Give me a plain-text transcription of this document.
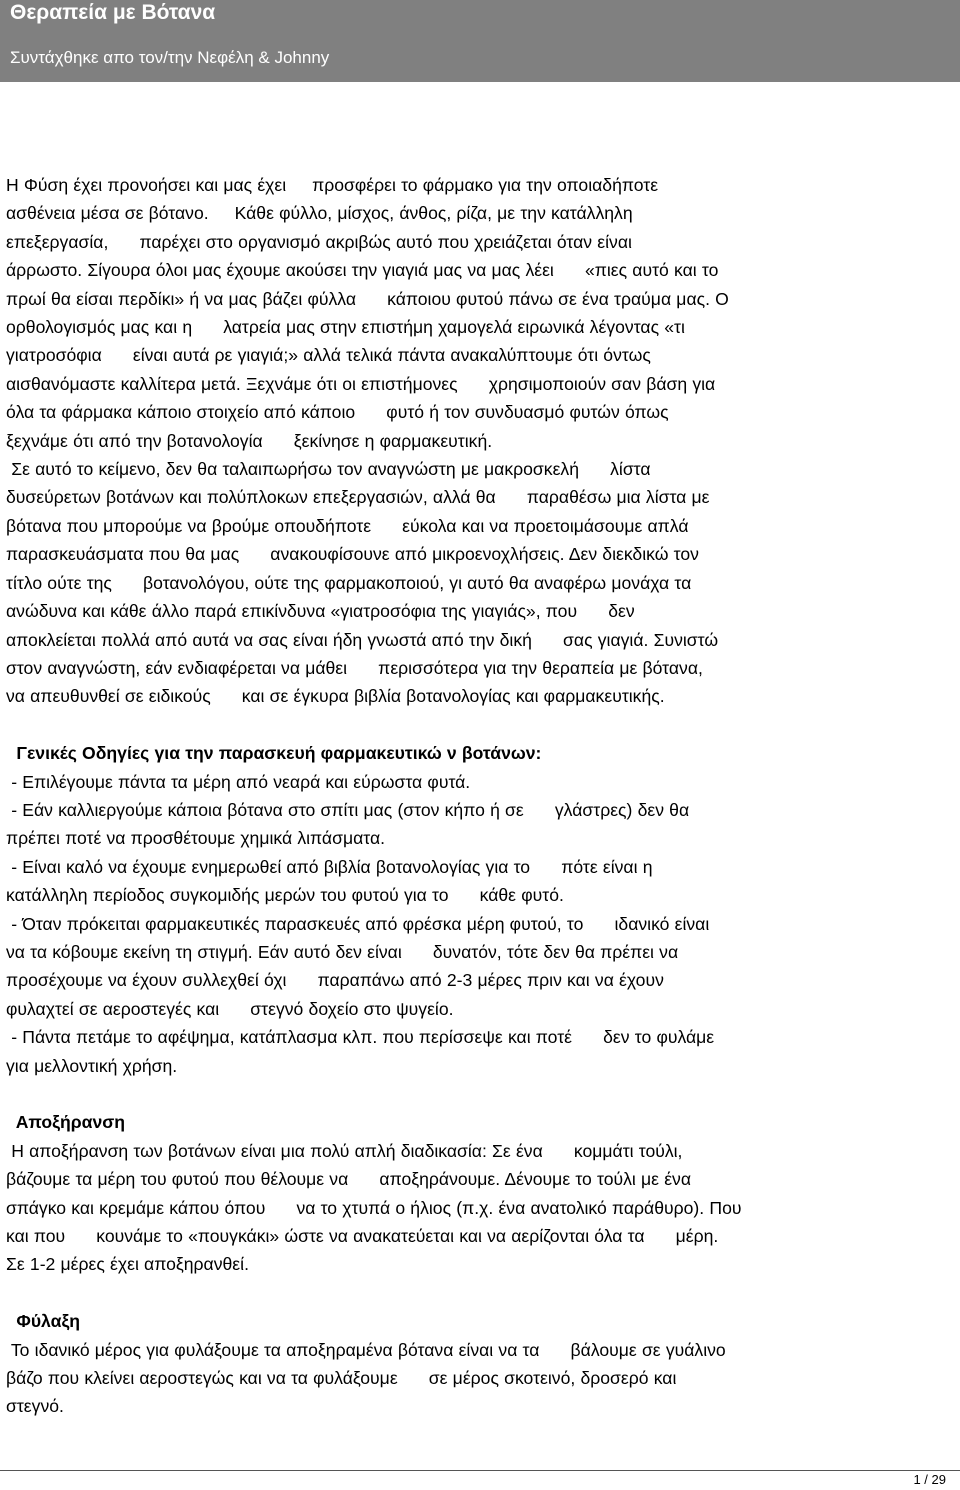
Θεραπεία με Βότανα
Συντάχθηκε απο τον/την Νεφέλη & Johnny

Η Φύση έχει προνοήσει και μας έχει     προσφέρει το φάρμακο για την οποιαδήποτε

ασθένεια μέσα σε βότανο.     Κάθε φύλλο, μίσχος, άνθος, ρίζα, με την κατάλληλη

επεξεργασία,      παρέχει στο οργανισμό ακριβώς αυτό που χρειάζεται όταν είναι

άρρωστο. Σίγουρα όλοι μας έχουμε ακούσει την γιαγιά μας να μας λέει      «πιες αυτό και το

πρωί θα είσαι περδίκι» ή να μας βάζει φύλλα      κάποιου φυτού πάνω σε ένα τραύμα μας. Ο

ορθολογισμός μας και η      λατρεία μας στην επιστήμη χαμογελά ειρωνικά λέγοντας «τι

γιατροσόφια      είναι αυτά ρε γιαγιά;» αλλά τελικά πάντα ανακαλύπτουμε ότι όντως

αισθανόμαστε καλλίτερα μετά. Ξεχνάμε ότι οι επιστήμονες      χρησιμοποιούν σαν βάση για

όλα τα φάρμακα κάποιο στοιχείο από κάποιο      φυτό ή τον συνδυασμό φυτών όπως

ξεχνάμε ότι από την βοτανολογία      ξεκίνησε η φαρμακευτική.

Σε αυτό το κείμενο, δεν θα ταλαιπωρήσω τον αναγνώστη με μακροσκελή      λίστα

δυσεύρετων βοτάνων και πολύπλοκων επεξεργασιών, αλλά θα      παραθέσω μια λίστα με

βότανα που μπορούμε να βρούμε οπουδήποτε      εύκολα και να προετοιμάσουμε απλά

παρασκευάσματα που θα μας      ανακουφίσουνε από μικροενοχλήσεις. Δεν διεκδικώ τον

τίτλο ούτε της      βοτανολόγου, ούτε της φαρμακοποιού, γι αυτό θα αναφέρω μονάχα τα

ανώδυνα και κάθε άλλο παρά επικίνδυνα «γιατροσόφια της γιαγιάς», που      δεν

αποκλείεται πολλά από αυτά να σας είναι ήδη γνωστά από την δική      σας γιαγιά. Συνιστώ

στον αναγνώστη, εάν ενδιαφέρεται να μάθει      περισσότερα για την θεραπεία με βότανα,

να απευθυνθεί σε ειδικούς      και σε έγκυρα βιβλία βοτανολογίας και φαρμακευτικής.

Γενικές Οδηγίες για την παρασκευή φαρμακευτικώ ν βοτάνων:

- Επιλέγουμε πάντα τα μέρη από νεαρά και εύρωστα φυτά.

- Εάν καλλιεργούμε κάποια βότανα στο σπίτι μας (στον κήπο ή σε      γλάστρες) δεν θα

πρέπει ποτέ να προσθέτουμε χημικά λιπάσματα.

- Είναι καλό να έχουμε ενημερωθεί από βιβλία βοτανολογίας για το      πότε είναι η

κατάλληλη περίοδος συγκομιδής μερών του φυτού για το      κάθε φυτό.

- Όταν πρόκειται φαρμακευτικές παρασκευές από φρέσκα μέρη φυτού, το      ιδανικό είναι

να τα κόβουμε εκείνη τη στιγμή. Εάν αυτό δεν είναι      δυνατόν, τότε δεν θα πρέπει να

προσέχουμε να έχουν συλλεχθεί όχι      παραπάνω από 2-3 μέρες πριν και να έχουν

φυλαχτεί σε αεροστεγές και      στεγνό δοχείο στο ψυγείο.

- Πάντα πετάμε το αφέψημα, κατάπλασμα κλπ. που περίσσεψε και ποτέ      δεν το φυλάμε

για μελλοντική χρήση.

Αποξήρανση

Η αποξήρανση των βοτάνων είναι μια πολύ απλή διαδικασία: Σε ένα      κομμάτι τούλι,

βάζουμε τα μέρη του φυτού που θέλουμε να      αποξηράνουμε. Δένουμε το τούλι με ένα

σπάγκο και κρεμάμε κάπου όπου      να το χτυπά ο ήλιος (π.χ. ένα ανατολικό παράθυρο). Που

και που      κουνάμε το «πουγκάκι» ώστε να ανακατεύεται και να αερίζονται όλα τα      μέρη.

Σε 1-2 μέρες έχει αποξηρανθεί.

Φύλαξη

Το ιδανικό μέρος για φυλάξουμε τα αποξηραμένα βότανα είναι να τα      βάλουμε σε γυάλινο

βάζο που κλείνει αεροστεγώς και να τα φυλάξουμε      σε μέρος σκοτεινό, δροσερό και

στεγνό.

1 / 29
